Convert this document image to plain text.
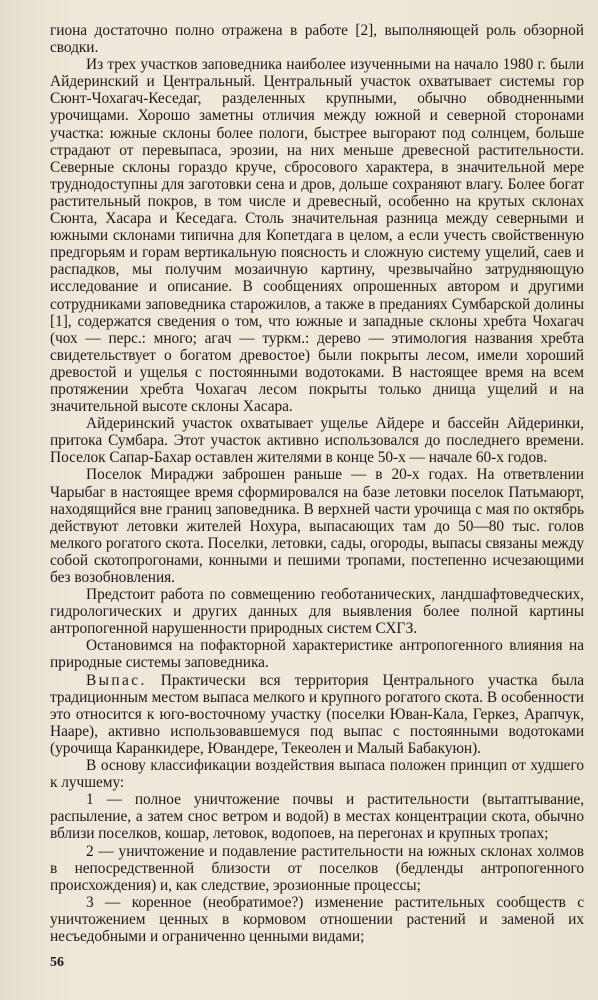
гиона достаточно полно отражена в работе [2], выполняющей роль обзорной сводки.

Из трех участков заповедника наиболее изученными на начало 1980 г. были Айдеринский и Центральный. Центральный участок охватывает системы гор Сюнт-Чохагач-Кеседаг, разделенных крупными, обычно обводненными урочищами. Хорошо заметны отличия между южной и северной сторонами участка: южные склоны более пологи, быстрее выгорают под солнцем, больше страдают от перевыпаса, эрозии, на них меньше древесной растительности. Северные склоны гораздо круче, сбросового характера, в значительной мере труднодоступны для заготовки сена и дров, дольше сохраняют влагу. Более богат растительный покров, в том числе и древесный, особенно на крутых склонах Сюнта, Хасара и Кеседага. Столь значительная разница между северными и южными склонами типична для Копетдага в целом, а если учесть свойственную предгорьям и горам вертикальную поясность и сложную систему ущелий, саев и распадков, мы получим мозаичную картину, чрезвычайно затрудняющую исследование и описание. В сообщениях опрошенных автором и другими сотрудниками заповедника старожилов, а также в преданиях Сумбарской долины [1], содержатся сведения о том, что южные и западные склоны хребта Чохагач (чох — перс.: много; агач — туркм.: дерево — этимология названия хребта свидетельствует о богатом древостое) были покрыты лесом, имели хороший древостой и ущелья с постоянными водотоками. В настоящее время на всем протяжении хребта Чохагач лесом покрыты только днища ущелий и на значительной высоте склоны Хасара.

Айдеринский участок охватывает ущелье Айдере и бассейн Айдеринки, притока Сумбара. Этот участок активно использовался до последнего времени. Поселок Сапар-Бахар оставлен жителями в конце 50-х — начале 60-х годов.

Поселок Мираджи заброшен раньше — в 20-х годах. На ответвлении Чарыбаг в настоящее время сформировался на базе летовки поселок Патьмаюрт, находящийся вне границ заповедника. В верхней части урочища с мая по октябрь действуют летовки жителей Нохура, выпасающих там до 50—80 тыс. голов мелкого рогатого скота. Поселки, летовки, сады, огороды, выпасы связаны между собой скотопрогонами, конными и пешими тропами, постепенно исчезающими без возобновления.

Предстоит работа по совмещению геоботанических, ландшафтоведческих, гидрологических и других данных для выявления более полной картины антропогенной нарушенности природных систем СХГЗ.

Остановимся на пофакторной характеристике антропогенного влияния на природные системы заповедника.

Выпас. Практически вся территория Центрального участка была традиционным местом выпаса мелкого и крупного рогатого скота. В особенности это относится к юго-восточному участку (поселки Юван-Кала, Геркез, Арапчук, Наарe), активно использовавшемуся под выпас с постоянными водотоками (урочища Каранкидере, Ювандере, Текеолен и Малый Бабакуюн).

В основу классификации воздействия выпаса положен принцип от худшего к лучшему:

1 — полное уничтожение почвы и растительности (вытаптывание, распыление, а затем снос ветром и водой) в местах концентрации скота, обычно вблизи поселков, кошар, летовок, водопоев, на перегонах и крупных тропах;

2 — уничтожение и подавление растительности на южных склонах холмов в непосредственной близости от поселков (бедленды антропогенного происхождения) и, как следствие, эрозионные процессы;

3 — коренное (необратимое?) изменение растительных сообществ с уничтожением ценных в кормовом отношении растений и заменой их несъедобными и ограниченно ценными видами;

56
